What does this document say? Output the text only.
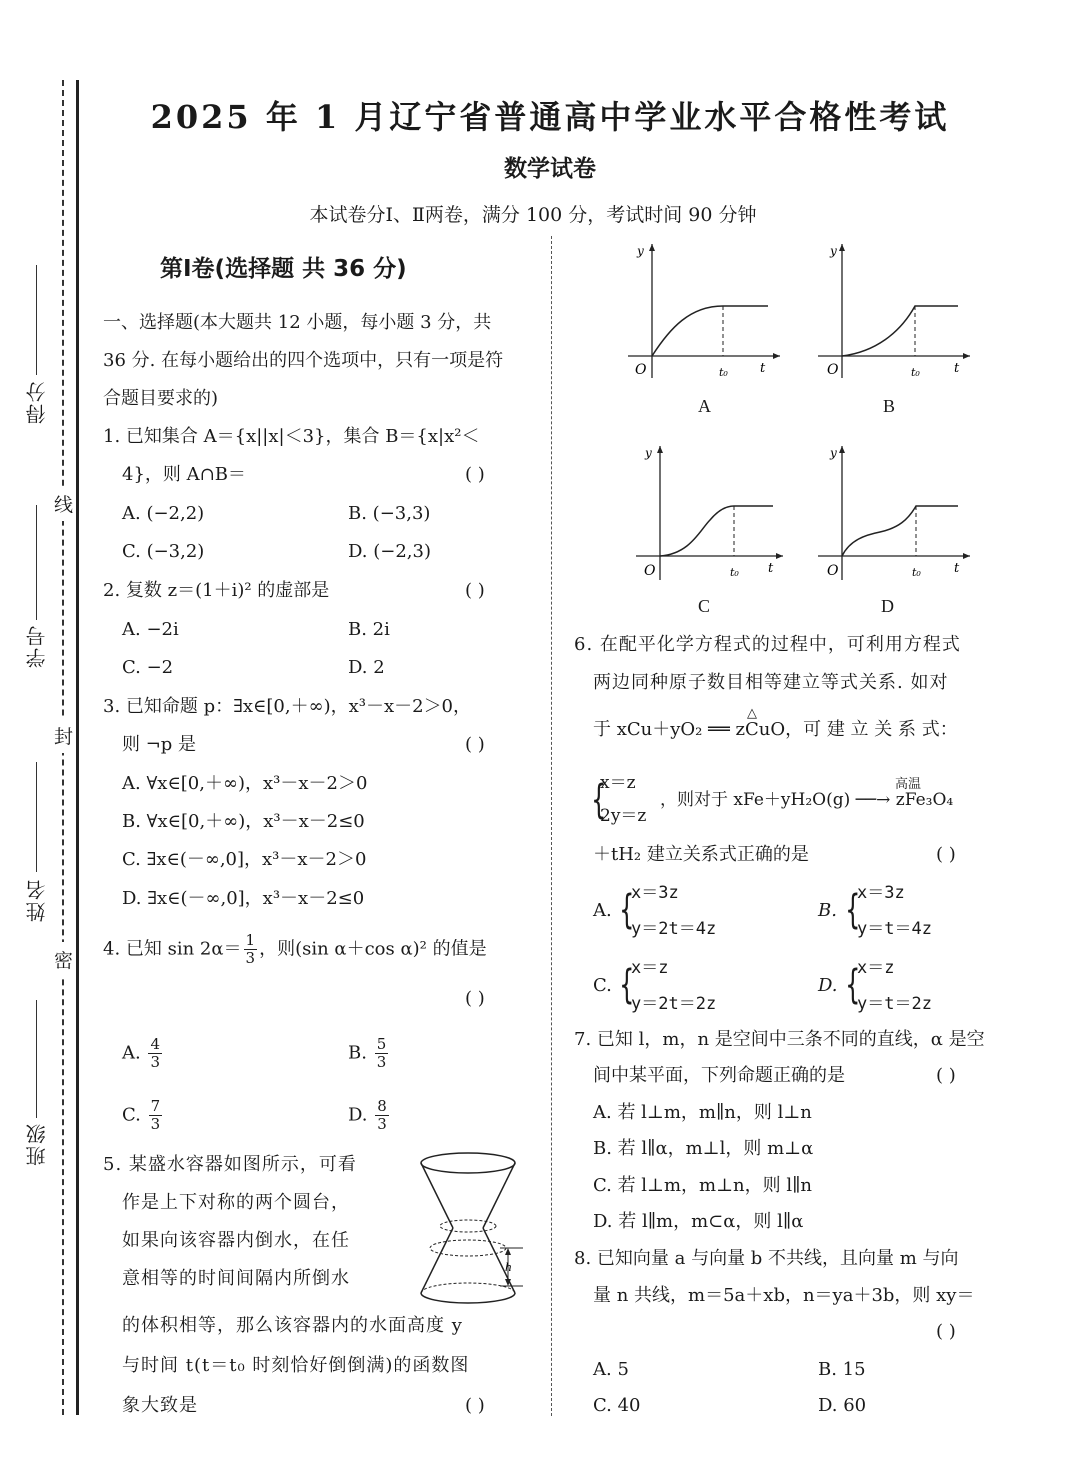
得分
学号
姓名
班级
线
封
密
2025 年 1 月辽宁省普通高中学业水平合格性考试
数学试卷
本试卷分Ⅰ、Ⅱ两卷，满分 100 分，考试时间 90 分钟
第Ⅰ卷(选择题 共 36 分)
一、选择题(本大题共 12 小题，每小题 3 分，共
36 分. 在每小题给出的四个选项中，只有一项是符
合题目要求的)
1. 已知集合 A＝{x||x|＜3}，集合 B＝{x|x²＜
4}，则 A∩B＝	( )
A. (−2,2)	B. (−3,3)
C. (−3,2)	D. (−2,3)
2. 复数 z＝(1＋i)² 的虚部是	( )
A. −2i	B. 2i
C. −2	D. 2
3. 已知命题 p：∃x∈[0,＋∞)，x³－x－2＞0，
则 ¬p 是	( )
A. ∀x∈[0,＋∞)，x³－x－2＞0
B. ∀x∈[0,＋∞)，x³－x－2≤0
C. ∃x∈(－∞,0]，x³－x－2＞0
D. ∃x∈(－∞,0]，x³－x－2≤0
4. 已知 $\sin 2\alpha= \frac{1}{3}$ ，则(sin α＋cos α)² 的值是
( )
A. $\frac{4}{3}$	B. $\frac{5}{3}$
C. $\frac{7}{3}$	D. $\frac{8}{3}$
5. 某盛水容器如图所示，可看
作是上下对称的两个圆台，
如果向该容器内倒水，在任
意相等的时间间隔内所倒水
的体积相等，那么该容器内的水面高度 y
与时间 t(t＝t₀ 时刻恰好倒倒满)的函数图
象大致是	( )
h
y
O	t₀ t
A
y
O	t₀	t
B
y
O	t₀ t
C
y
O	t₀	t
D
6. 在配平化学方程式的过程中，可利用方程式
两边同种原子数目相等建立等式关系. 如对
于 xCu＋yO₂ ══ zCuO，可 建 立 关 系 式：
△
{
x＝z
2y＝z
，则对于 xFe＋yH₂O(g) ──→ zFe₃O₄
高温
＋tH₂ 建立关系式正确的是	( )
A. {
x＝3z
y＝2t＝4z
B. {
x＝3z
y＝t＝4z
C. {
x＝z
y＝2t＝2z
D. {
x＝z
y＝t＝2z
7. 已知 l，m，n 是空间中三条不同的直线，α 是空
间中某平面，下列命题正确的是	( )
A. 若 l⊥m，m∥n，则 l⊥n
B. 若 l∥α，m⊥l，则 m⊥α
C. 若 l⊥m，m⊥n，则 l∥n
D. 若 l∥m，m⊂α，则 l∥α
8. 已知向量 a 与向量 b 不共线，且向量 m 与向
量 n 共线，m＝5a＋xb，n＝ya＋3b，则 xy＝
( )
A. 5	B. 15
C. 40	D. 60
